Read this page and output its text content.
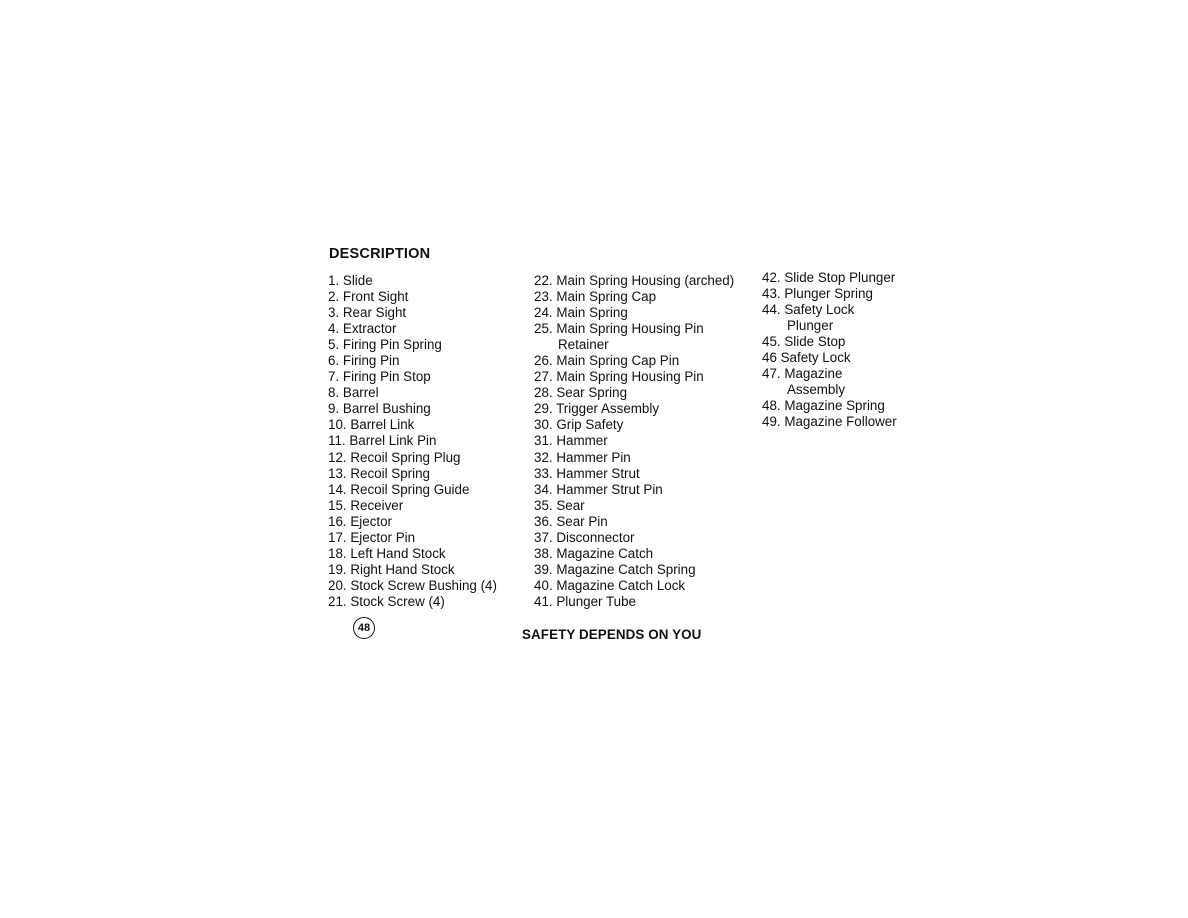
DESCRIPTION
1. Slide
2. Front Sight
3. Rear Sight
4. Extractor
5. Firing Pin Spring
6. Firing Pin
7. Firing Pin Stop
8. Barrel
9. Barrel Bushing
10. Barrel Link
11. Barrel Link Pin
12. Recoil Spring Plug
13. Recoil Spring
14. Recoil Spring Guide
15. Receiver
16. Ejector
17. Ejector Pin
18. Left Hand Stock
19. Right Hand Stock
20. Stock Screw Bushing (4)
21. Stock Screw (4)
22. Main Spring Housing (arched)
23. Main Spring Cap
24. Main Spring
25. Main Spring Housing Pin
Retainer
26. Main Spring Cap Pin
27. Main Spring Housing Pin
28. Sear Spring
29. Trigger Assembly
30. Grip Safety
31. Hammer
32. Hammer Pin
33. Hammer Strut
34. Hammer Strut Pin
35. Sear
36. Sear Pin
37. Disconnector
38. Magazine Catch
39. Magazine Catch Spring
40. Magazine Catch Lock
41. Plunger Tube
42. Slide Stop Plunger
43. Plunger Spring
44. Safety Lock
Plunger
45. Slide Stop
46 Safety Lock
47. Magazine
Assembly
48. Magazine Spring
49. Magazine Follower
48	SAFETY DEPENDS ON YOU
